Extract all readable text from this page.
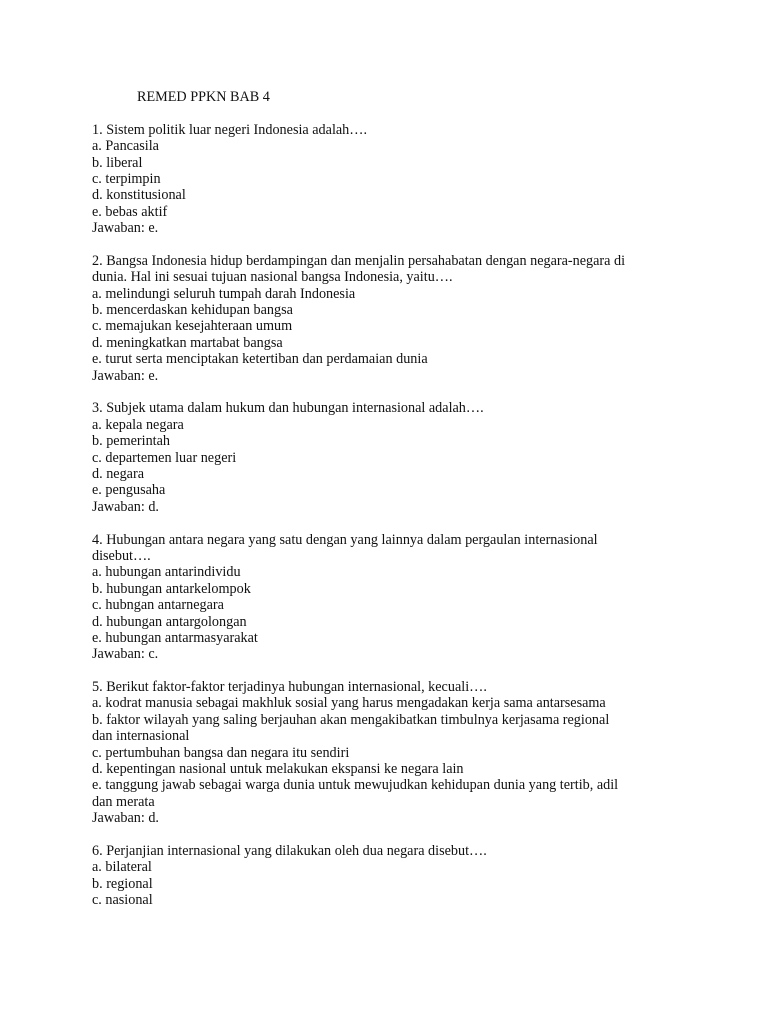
REMED PPKN BAB 4
1. Sistem politik luar negeri Indonesia adalah….
a. Pancasila
b. liberal
c. terpimpin
d. konstitusional
e. bebas aktif
Jawaban: e.
2. Bangsa Indonesia hidup berdampingan dan menjalin persahabatan dengan negara-negara di
dunia. Hal ini sesuai tujuan nasional bangsa Indonesia, yaitu….
a. melindungi seluruh tumpah darah Indonesia
b. mencerdaskan kehidupan bangsa
c. memajukan kesejahteraan umum
d. meningkatkan martabat bangsa
e. turut serta menciptakan ketertiban dan perdamaian dunia
Jawaban: e.
3. Subjek utama dalam hukum dan hubungan internasional adalah….
a. kepala negara
b. pemerintah
c. departemen luar negeri
d. negara
e. pengusaha
Jawaban: d.
4. Hubungan antara negara yang satu dengan yang lainnya dalam pergaulan internasional
disebut….
a. hubungan antarindividu
b. hubungan antarkelompok
c. hubngan antarnegara
d. hubungan antargolongan
e. hubungan antarmasyarakat
Jawaban: c.
5. Berikut faktor-faktor terjadinya hubungan internasional, kecuali….
a. kodrat manusia sebagai makhluk sosial yang harus mengadakan kerja sama antarsesama
b. faktor wilayah yang saling berjauhan akan mengakibatkan timbulnya kerjasama regional
dan internasional
c. pertumbuhan bangsa dan negara itu sendiri
d. kepentingan nasional untuk melakukan ekspansi ke negara lain
e. tanggung jawab sebagai warga dunia untuk mewujudkan kehidupan dunia yang tertib, adil
dan merata
Jawaban: d.
6. Perjanjian internasional yang dilakukan oleh dua negara disebut….
a. bilateral
b. regional
c. nasional
